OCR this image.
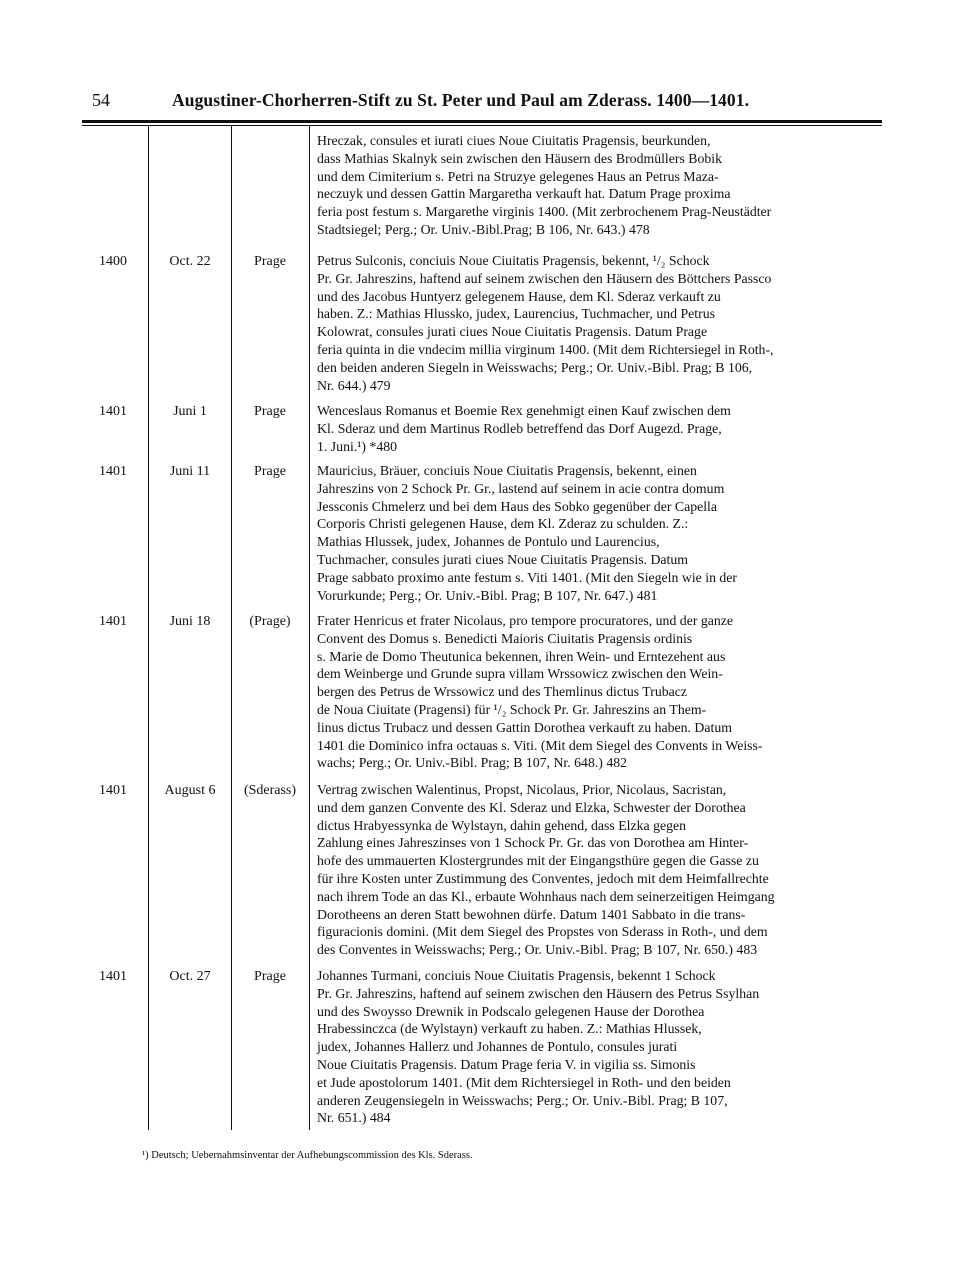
54	Augustiner-Chorherren-Stift zu St. Peter und Paul am Zderass. 1400—1401.
Hreczak, consules et iurati ciues Noue Ciuitatis Pragensis, beurkunden,
dass Mathias Skalnyk sein zwischen den Häusern des Brodmüllers Bobik
und dem Cimiterium s. Petri na Struzye gelegenes Haus an Petrus Maza-
neczuyk und dessen Gattin Margaretha verkauft hat. Datum Prage proxima
feria post festum s. Margarethe virginis 1400. (Mit zerbrochenem Prag-Neustädter
Stadtsiegel; Perg.; Or. Univ.-Bibl.Prag; B 106, Nr. 643.) 478
1400	Oct. 22	Prage	Petrus Sulconis, conciuis Noue Ciuitatis Pragensis, bekennt, ¹/₂ Schock
Pr. Gr. Jahreszins, haftend auf seinem zwischen den Häusern des Böttchers Passco
und des Jacobus Huntyerz gelegenem Hause, dem Kl. Sderaz verkauft zu
haben. Z.: Mathias Hlussko, judex, Laurencius, Tuchmacher, und Petrus
Kolowrat, consules jurati ciues Noue Ciuitatis Pragensis. Datum Prage
feria quinta in die vndecim millia virginum 1400. (Mit dem Richtersiegel in Roth-,
den beiden anderen Siegeln in Weisswachs; Perg.; Or. Univ.-Bibl. Prag; B 106,
Nr. 644.) 479
1401	Juni 1	Prage	Wenceslaus Romanus et Boemie Rex genehmigt einen Kauf zwischen dem
Kl. Sderaz und dem Martinus Rodleb betreffend das Dorf Augezd. Prage,
1. Juni.¹) *480
1401	Juni 11	Prage	Mauricius, Bräuer, conciuis Noue Ciuitatis Pragensis, bekennt, einen
Jahreszins von 2 Schock Pr. Gr., lastend auf seinem in acie contra domum
Jessconis Chmelerz und bei dem Haus des Sobko gegenüber der Capella
Corporis Christi gelegenen Hause, dem Kl. Zderaz zu schulden. Z.:
Mathias Hlussek, judex, Johannes de Pontulo und Laurencius,
Tuchmacher, consules jurati ciues Noue Ciuitatis Pragensis. Datum
Prage sabbato proximo ante festum s. Viti 1401. (Mit den Siegeln wie in der
Vorurkunde; Perg.; Or. Univ.-Bibl. Prag; B 107, Nr. 647.) 481
1401	Juni 18	(Prage)	Frater Henricus et frater Nicolaus, pro tempore procuratores, und der ganze
Convent des Domus s. Benedicti Maioris Ciuitatis Pragensis ordinis
s. Marie de Domo Theutunica bekennen, ihren Wein- und Erntezehent aus
dem Weinberge und Grunde supra villam Wrssowicz zwischen den Wein-
bergen des Petrus de Wrssowicz und des Themlinus dictus Trubacz
de Noua Ciuitate (Pragensi) für ¹/₂ Schock Pr. Gr. Jahreszins an Them-
linus dictus Trubacz und dessen Gattin Dorothea verkauft zu haben. Datum
1401 die Dominico infra octauas s. Viti. (Mit dem Siegel des Convents in Weiss-
wachs; Perg.; Or. Univ.-Bibl. Prag; B 107, Nr. 648.) 482
1401	August 6	(Sderass)	Vertrag zwischen Walentinus, Propst, Nicolaus, Prior, Nicolaus, Sacristan,
und dem ganzen Convente des Kl. Sderaz und Elzka, Schwester der Dorothea
dictus Hrabyessynka de Wylstayn, dahin gehend, dass Elzka gegen
Zahlung eines Jahreszinses von 1 Schock Pr. Gr. das von Dorothea am Hinter-
hofe des ummauerten Klostergrundes mit der Eingangsthüre gegen die Gasse zu
für ihre Kosten unter Zustimmung des Conventes, jedoch mit dem Heimfallrechte
nach ihrem Tode an das Kl., erbaute Wohnhaus nach dem seinerzeitigen Heimgang
Dorotheens an deren Statt bewohnen dürfe. Datum 1401 Sabbato in die trans-
figuracionis domini. (Mit dem Siegel des Propstes von Sderass in Roth-, und dem
des Conventes in Weisswachs; Perg.; Or. Univ.-Bibl. Prag; B 107, Nr. 650.) 483
1401	Oct. 27	Prage	Johannes Turmani, conciuis Noue Ciuitatis Pragensis, bekennt 1 Schock
Pr. Gr. Jahreszins, haftend auf seinem zwischen den Häusern des Petrus Ssylhan
und des Swoysso Drewnik in Podscalo gelegenen Hause der Dorothea
Hrabessinczca (de Wylstayn) verkauft zu haben. Z.: Mathias Hlussek,
judex, Johannes Hallerz und Johannes de Pontulo, consules jurati
Noue Ciuitatis Pragensis. Datum Prage feria V. in vigilia ss. Simonis
et Jude apostolorum 1401. (Mit dem Richtersiegel in Roth- und den beiden
anderen Zeugensiegeln in Weisswachs; Perg.; Or. Univ.-Bibl. Prag; B 107,
Nr. 651.) 484
¹) Deutsch; Uebernahmsinventar der Aufhebungscommission des Kls. Sderass.
